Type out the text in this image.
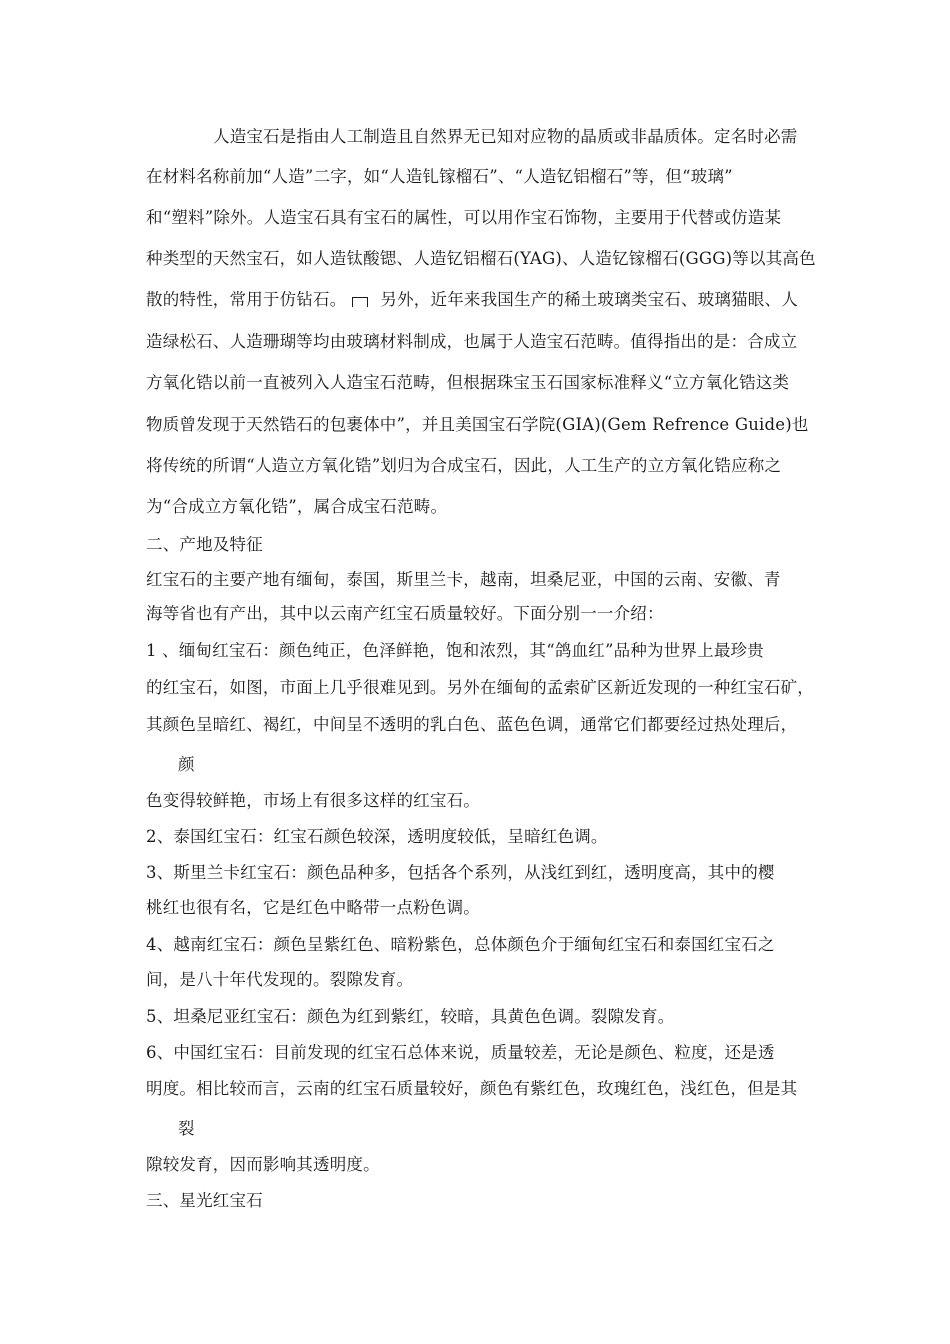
人造宝石是指由人工制造且自然界无已知对应物的晶质或非晶质体。定名时必需
在材料名称前加“人造”二字，如“人造钆镓榴石”、“人造钇铝榴石”等，但“玻璃”
和“塑料”除外。人造宝石具有宝石的属性，可以用作宝石饰物，主要用于代替或仿造某
种类型的天然宝石，如人造钛酸锶、人造钇铝榴石(YAG)、人造钇镓榴石(GGG)等以其高色
散的特性，常用于仿钻石。 另外，近年来我国生产的稀土玻璃类宝石、玻璃猫眼、人
造绿松石、人造珊瑚等均由玻璃材料制成，也属于人造宝石范畴。值得指出的是：合成立
方氧化锆以前一直被列入人造宝石范畴，但根据珠宝玉石国家标准释义“立方氧化锆这类
物质曾发现于天然锆石的包裹体中”，并且美国宝石学院(GIA)(Gem Refrence Guide)也
将传统的所谓“人造立方氧化锆”划归为合成宝石，因此，人工生产的立方氧化锆应称之
为“合成立方氧化锆”，属合成宝石范畴。
二、产地及特征
红宝石的主要产地有缅甸，泰国，斯里兰卡，越南，坦桑尼亚，中国的云南、安徽、青
海等省也有产出，其中以云南产红宝石质量较好。下面分别一一介绍：
1 、缅甸红宝石：颜色纯正，色泽鲜艳，饱和浓烈，其“鸽血红”品种为世界上最珍贵
的红宝石，如图，市面上几乎很难见到。另外在缅甸的孟索矿区新近发现的一种红宝石矿，
其颜色呈暗红、褐红，中间呈不透明的乳白色、蓝色色调，通常它们都要经过热处理后，
颜
色变得较鲜艳，市场上有很多这样的红宝石。
2、泰国红宝石：红宝石颜色较深，透明度较低，呈暗红色调。
3、斯里兰卡红宝石：颜色品种多，包括各个系列，从浅红到红，透明度高，其中的樱
桃红也很有名，它是红色中略带一点粉色调。
4、越南红宝石：颜色呈紫红色、暗粉紫色，总体颜色介于缅甸红宝石和泰国红宝石之
间，是八十年代发现的。裂隙发育。
5、坦桑尼亚红宝石：颜色为红到紫红，较暗，具黄色色调。裂隙发育。
6、中国红宝石：目前发现的红宝石总体来说，质量较差，无论是颜色、粒度，还是透
明度。相比较而言，云南的红宝石质量较好，颜色有紫红色，玫瑰红色，浅红色，但是其
裂
隙较发育，因而影响其透明度。
三、星光红宝石
